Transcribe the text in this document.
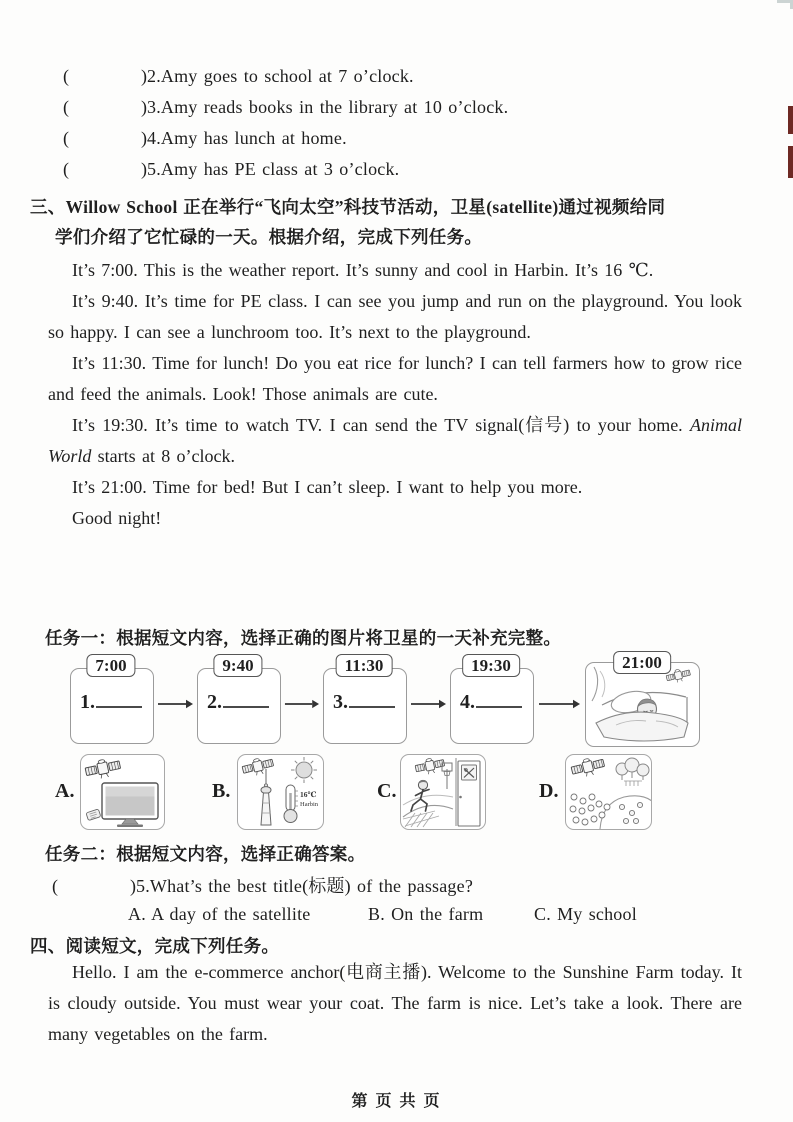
(    )2.Amy goes to school at 7 o’clock.
(    )3.Amy reads books in the library at 10 o’clock.
(    )4.Amy has lunch at home.
(    )5.Amy has PE class at 3 o’clock.
三、Willow School 正在举行“飞向太空”科技节活动，卫星(satellite)通过视频给同
学们介绍了它忙碌的一天。根据介绍，完成下列任务。

It’s 7:00. This is the weather report. It’s sunny and cool in Harbin. It’s 16 ℃.

It’s 9:40. It’s time for PE class. I can see you jump and run on the playground. You look so happy. I can see a lunchroom too. It’s next to the playground.

It’s 11:30. Time for lunch! Do you eat rice for lunch? I can tell farmers how to grow rice and feed the animals. Look! Those animals are cute.

It’s 19:30. It’s time to watch TV. I can send the TV signal(信号) to your home. Animal World starts at 8 o’clock.

It’s 21:00. Time for bed! But I can’t sleep. I want to help you more.

Good night!

任务一：根据短文内容，选择正确的图片将卫星的一天补充完整。
7:00
1.
9:40
2.
11:30
3.
19:30
4.
21:00
A.	B.	16℃
Harbin
C.	D.
任务二：根据短文内容，选择正确答案。
(    )5.What’s the best title(标题) of the passage?
A. A day of the satellite	B. On the farm	C. My school
四、阅读短文，完成下列任务。

Hello. I am the e-commerce anchor(电商主播). Welcome to the Sunshine Farm today. It is cloudy outside. You must wear your coat. The farm is nice. Let’s take a look. There are many vegetables on the farm.

第 页 共 页
